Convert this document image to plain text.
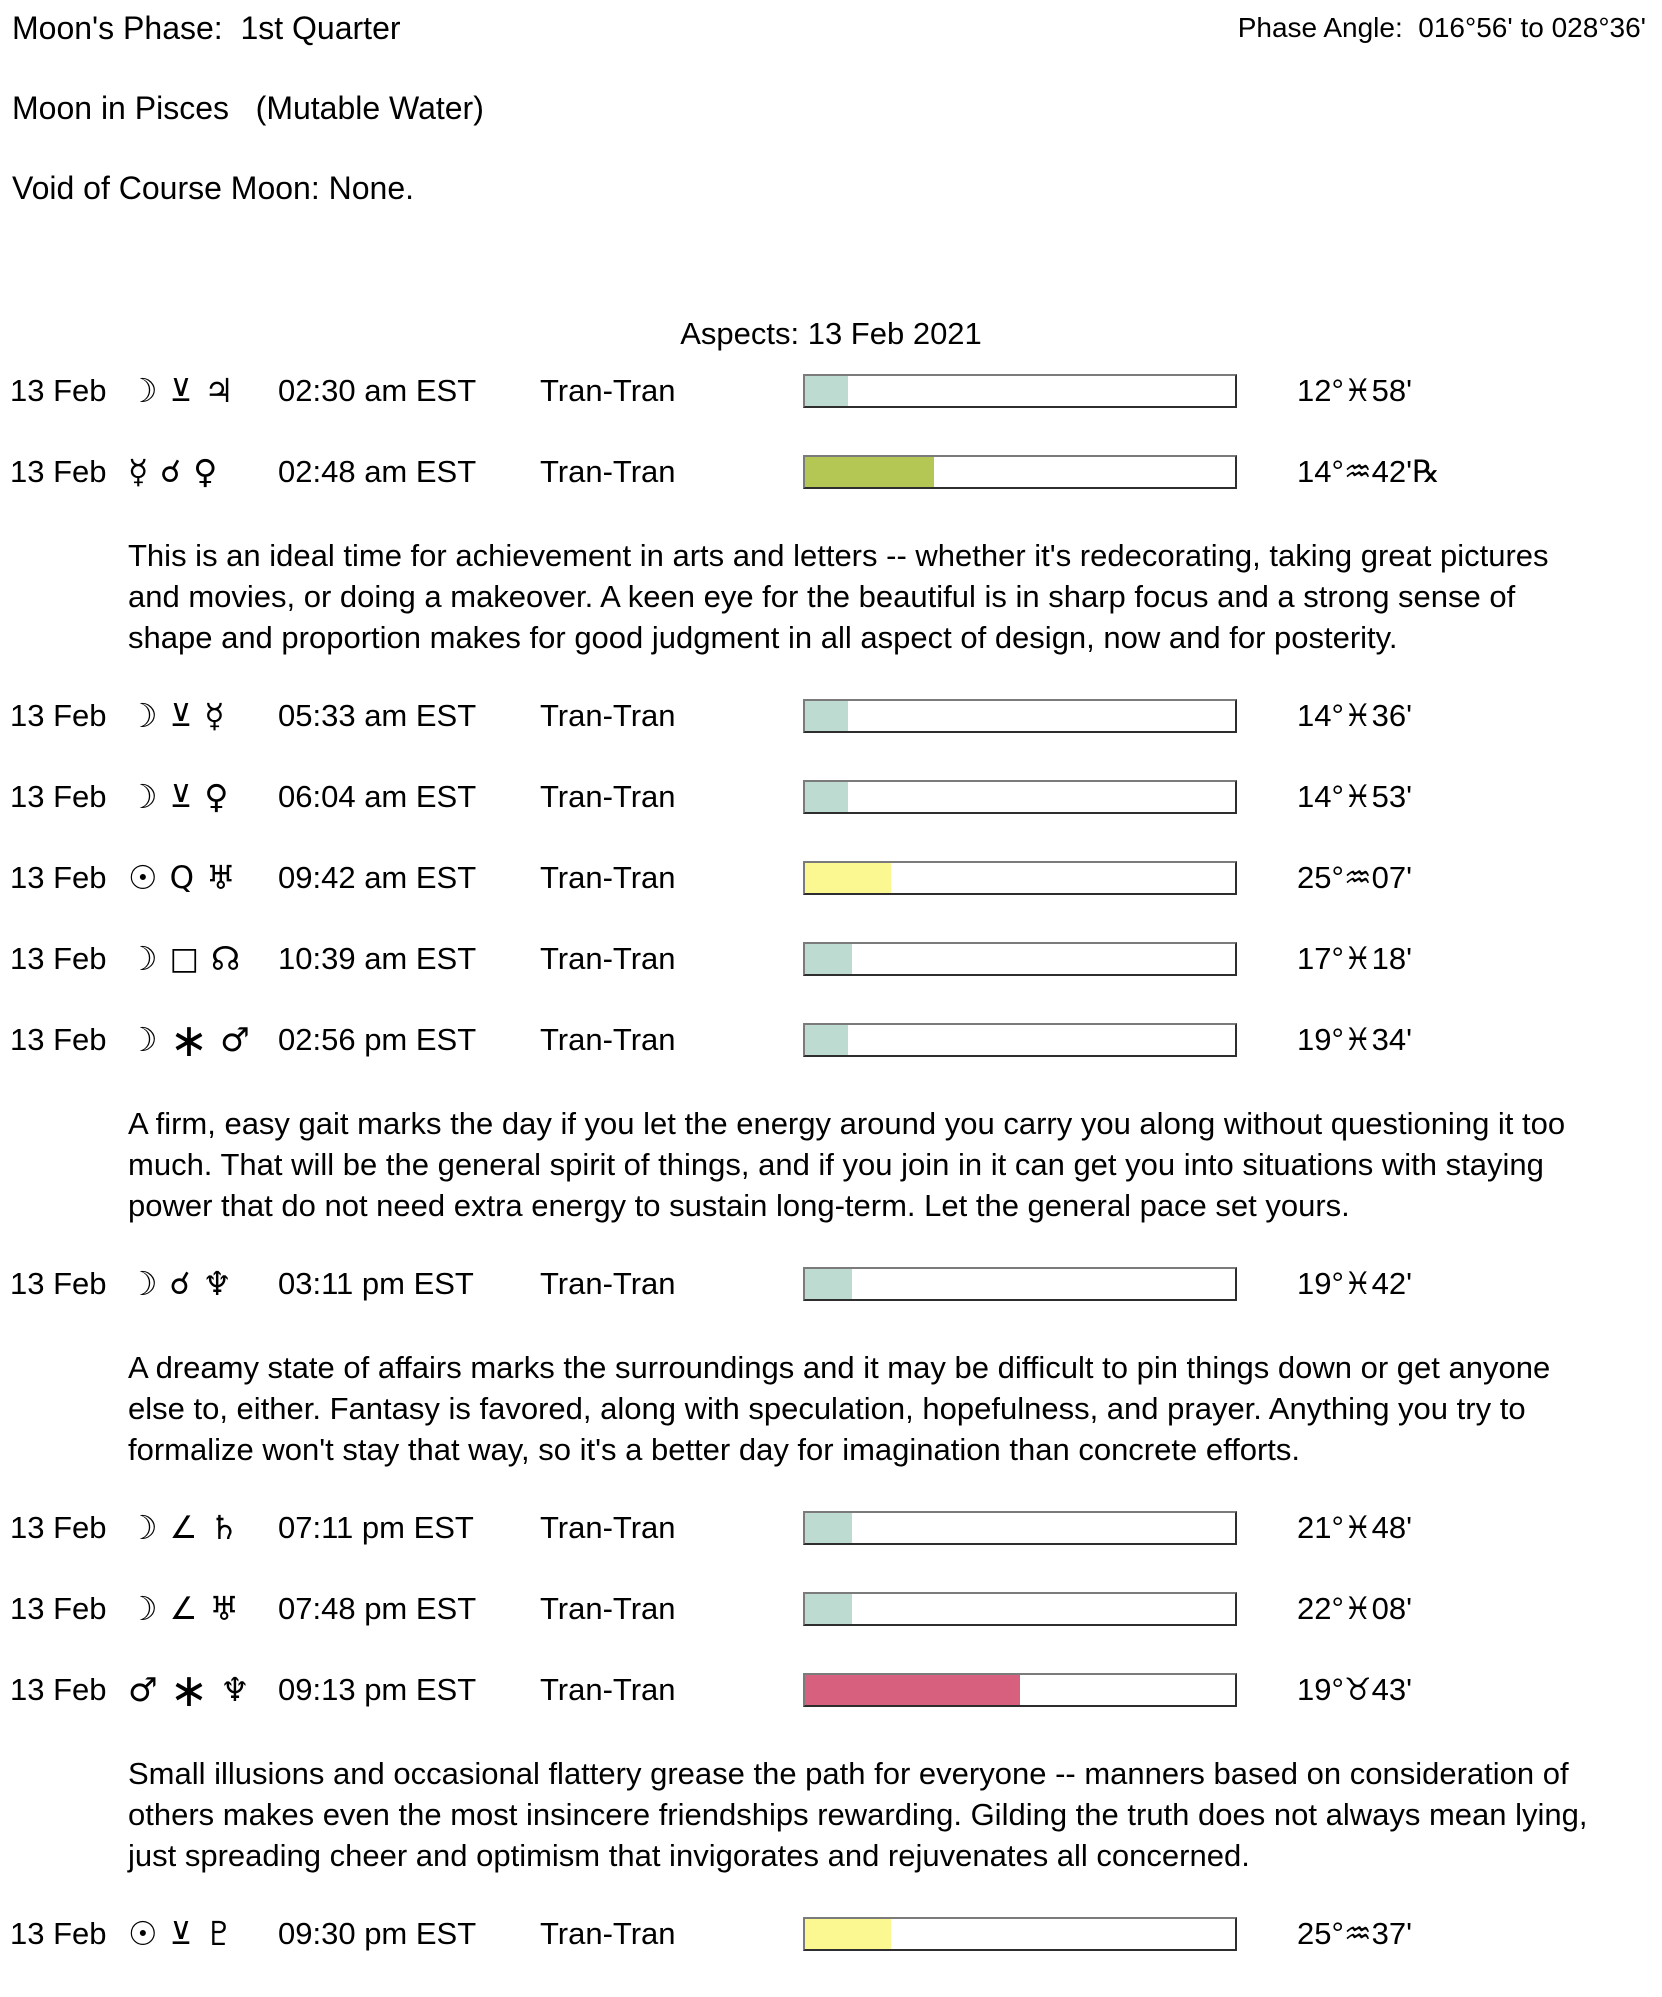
Moon's Phase:  1st Quarter	Phase Angle:  016°56' to 028°36'
Moon in Pisces   (Mutable Water)
Void of Course Moon: None.
Aspects: 13 Feb 2021
13 Feb ☽ ⊻ ♃ 02:30 am EST	Tran-Tran	12°♓58'
13 Feb ☿ ☌ ♀ 02:48 am EST	Tran-Tran	14°♒42'℞
This is an ideal time for achievement in arts and letters -- whether it's redecorating, taking great pictures and movies, or doing a makeover. A keen eye for the beautiful is in sharp focus and a strong sense of shape and proportion makes for good judgment in all aspect of design, now and for posterity.
13 Feb ☽ ⊻ ☿ 05:33 am EST	Tran-Tran	14°♓36'
13 Feb ☽ ⊻ ♀ 06:04 am EST	Tran-Tran	14°♓53'
13 Feb ☉ Q ♅ 09:42 am EST	Tran-Tran	25°♒07'
13 Feb ☽ □ ☊ 10:39 am EST	Tran-Tran	17°♓18'
13 Feb ☽ ∗ ♂ 02:56 pm EST	Tran-Tran	19°♓34'
A firm, easy gait marks the day if you let the energy around you carry you along without questioning it too much. That will be the general spirit of things, and if you join in it can get you into situations with staying power that do not need extra energy to sustain long-term. Let the general pace set yours.
13 Feb ☽ ☌ ♆ 03:11 pm EST	Tran-Tran	19°♓42'
A dreamy state of affairs marks the surroundings and it may be difficult to pin things down or get anyone else to, either. Fantasy is favored, along with speculation, hopefulness, and prayer. Anything you try to formalize won't stay that way, so it's a better day for imagination than concrete efforts.
13 Feb ☽ ∠ ♄ 07:11 pm EST	Tran-Tran	21°♓48'
13 Feb ☽ ∠ ♅ 07:48 pm EST	Tran-Tran	22°♓08'
13 Feb ♂ ∗ ♆ 09:13 pm EST	Tran-Tran	19°♉43'
Small illusions and occasional flattery grease the path for everyone -- manners based on consideration of others makes even the most insincere friendships rewarding. Gilding the truth does not always mean lying, just spreading cheer and optimism that invigorates and rejuvenates all concerned.
13 Feb ☉ ⊻ ♇ 09:30 pm EST	Tran-Tran	25°♒37'
